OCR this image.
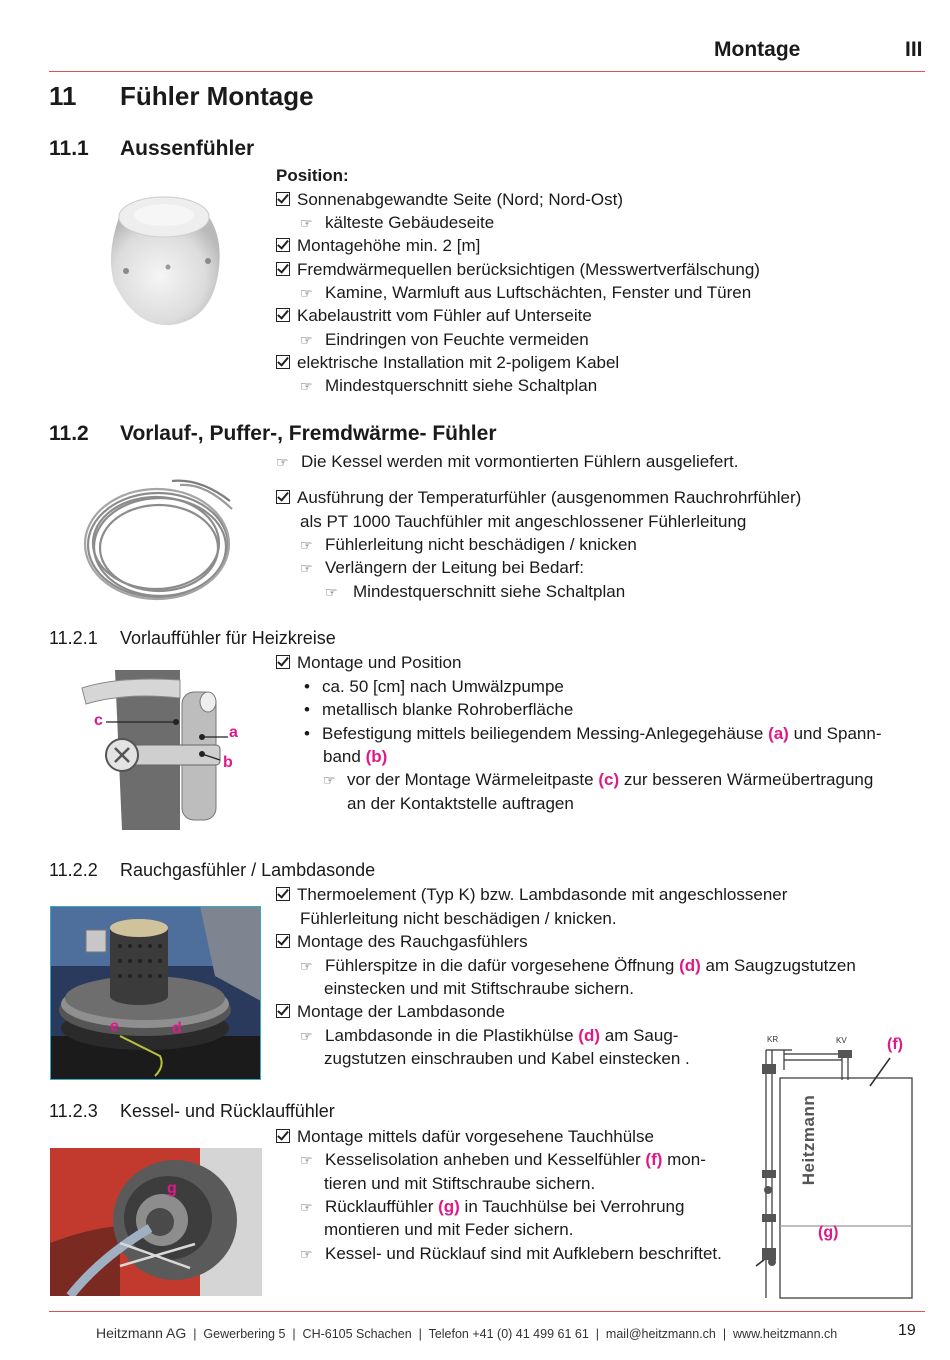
Montage	III
11 Fühler Montage
11.1 Aussenfühler
Position:
Sonnenabgewandte Seite (Nord; Nord-Ost)
☞ kälteste Gebäudeseite
Montagehöhe min. 2 [m]
Fremdwärmequellen berücksichtigen (Messwertverfälschung)
☞ Kamine, Warmluft aus Luftschächten, Fenster und Türen
Kabelaustritt vom Fühler auf Unterseite
☞ Eindringen von Feuchte vermeiden
elektrische Installation mit 2-poligem Kabel
☞ Mindestquerschnitt siehe Schaltplan
11.2 Vorlauf-, Puffer-, Fremdwärme- Fühler
☞ Die Kessel werden mit vormontierten Fühlern ausgeliefert.
Ausführung der Temperaturfühler (ausgenommen Rauchrohrfühler)
als PT 1000 Tauchfühler mit angeschlossener Fühlerleitung
☞ Fühlerleitung nicht beschädigen / knicken
☞ Verlängern der Leitung bei Bedarf:
☞ Mindestquerschnitt siehe Schaltplan
11.2.1 Vorlauffühler für Heizkreise
c
a
b
Montage und Position
• ca. 50 [cm] nach Umwälzpumpe
• metallisch blanke Rohroberfläche
• Befestigung mittels beiliegendem Messing-Anlegegehäuse (a) und Spann-
band (b)
☞ vor der Montage Wärmeleitpaste (c) zur besseren Wärmeübertragung
an der Kontaktstelle auftragen
11.2.2 Rauchgasfühler / Lambdasonde
e	d
Thermoelement (Typ K) bzw. Lambdasonde mit angeschlossener
Fühlerleitung nicht beschädigen / knicken.
Montage des Rauchgasfühlers
☞ Fühlerspitze in die dafür vorgesehene Öffnung (d) am Saugzugstutzen
einstecken und mit Stiftschraube sichern.
Montage der Lambdasonde
☞ Lambdasonde in die Plastikhülse (d) am Saug-
zugstutzen einschrauben und Kabel einstecken .
11.2.3 Kessel- und Rücklauffühler
g
Montage mittels dafür vorgesehene Tauchhülse
☞ Kesselisolation anheben und Kesselfühler (f) mon-
tieren und mit Stiftschraube sichern.
☞ Rücklauffühler (g) in Tauchhülse bei Verrohrung
montieren und mit Feder sichern.
☞ Kessel- und Rücklauf sind mit Aufklebern beschriftet.
KR	KV
Heitzmann
(f)
(g)
Heitzmann AG  |  Gewerbering 5  |  CH-6105 Schachen  |  Telefon +41 (0) 41 499 61 61  |  mail@heitzmann.ch  |  www.heitzmann.ch	19
